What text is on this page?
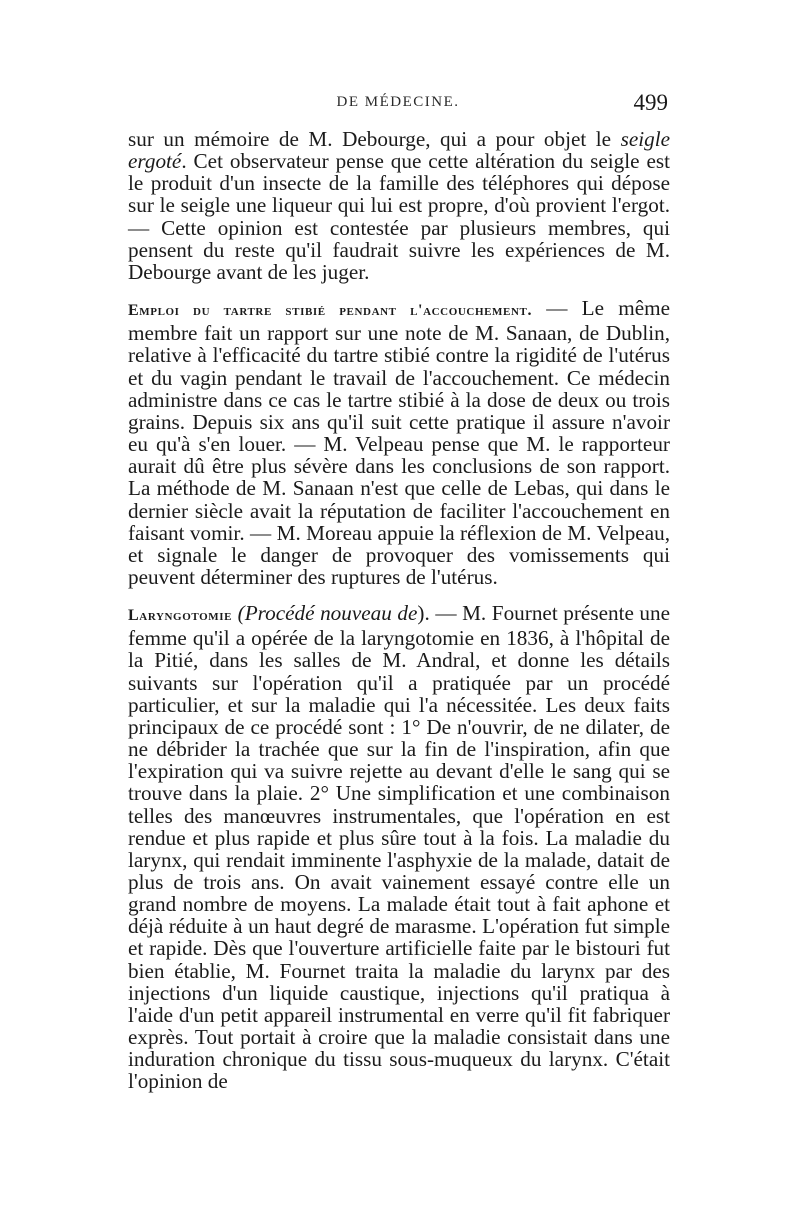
DE MÉDECINE.	499

sur un mémoire de M. Debourge, qui a pour objet le seigle ergoté. Cet observateur pense que cette altération du seigle est le produit d'un insecte de la famille des téléphores qui dépose sur le seigle une liqueur qui lui est propre, d'où provient l'ergot. — Cette opinion est contestée par plusieurs membres, qui pensent du reste qu'il faudrait suivre les expériences de M. Debourge avant de les juger.

Emploi du tartre stibié pendant l'accouchement. — Le même membre fait un rapport sur une note de M. Sanaan, de Dublin, relative à l'efficacité du tartre stibié contre la rigidité de l'utérus et du vagin pendant le travail de l'accouchement. Ce médecin administre dans ce cas le tartre stibié à la dose de deux ou trois grains. Depuis six ans qu'il suit cette pratique il assure n'avoir eu qu'à s'en louer. — M. Velpeau pense que M. le rapporteur aurait dû être plus sévère dans les conclusions de son rapport. La méthode de M. Sanaan n'est que celle de Lebas, qui dans le dernier siècle avait la réputation de faciliter l'accouchement en faisant vomir. — M. Moreau appuie la réflexion de M. Velpeau, et signale le danger de provoquer des vomissements qui peuvent déterminer des ruptures de l'utérus.

Laryngotomie (Procédé nouveau de). — M. Fournet présente une femme qu'il a opérée de la laryngotomie en 1836, à l'hôpital de la Pitié, dans les salles de M. Andral, et donne les détails suivants sur l'opération qu'il a pratiquée par un procédé particulier, et sur la maladie qui l'a nécessitée. Les deux faits principaux de ce procédé sont : 1° De n'ouvrir, de ne dilater, de ne débrider la trachée que sur la fin de l'inspiration, afin que l'expiration qui va suivre rejette au devant d'elle le sang qui se trouve dans la plaie. 2° Une simplification et une combinaison telles des manœuvres instrumentales, que l'opération en est rendue et plus rapide et plus sûre tout à la fois. La maladie du larynx, qui rendait imminente l'asphyxie de la malade, datait de plus de trois ans. On avait vainement essayé contre elle un grand nombre de moyens. La malade était tout à fait aphone et déjà réduite à un haut degré de marasme. L'opération fut simple et rapide. Dès que l'ouverture artificielle faite par le bistouri fut bien établie, M. Fournet traita la maladie du larynx par des injections d'un liquide caustique, injections qu'il pratiqua à l'aide d'un petit appareil instrumental en verre qu'il fit fabriquer exprès. Tout portait à croire que la maladie consistait dans une induration chronique du tissu sous-muqueux du larynx. C'était l'opinion de
